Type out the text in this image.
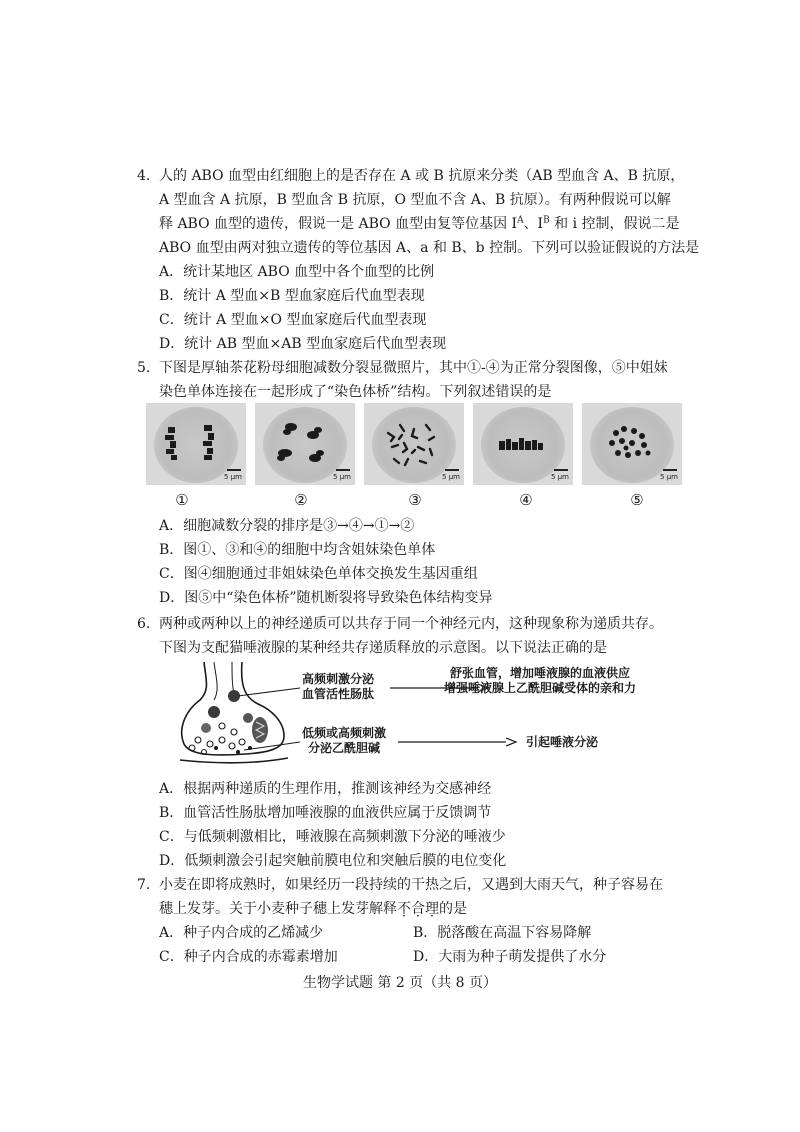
4. 人的 ABO 血型由红细胞上的是否存在 A 或 B 抗原来分类（AB 型血含 A、B 抗原，
A 型血含 A 抗原，B 型血含 B 抗原，O 型血不含 A、B 抗原）。有两种假说可以解
释 ABO 血型的遗传，假说一是 ABO 血型由复等位基因 $I^A$、$I^B$ 和 i 控制，假说二是
ABO 血型由两对独立遗传的等位基因 A、a 和 B、b 控制。下列可以验证假说的方法是
A．统计某地区 ABO 血型中各个血型的比例
B．统计 A 型血×B 型血家庭后代血型表现
C．统计 A 型血×O 型血家庭后代血型表现
D．统计 AB 型血×AB 型血家庭后代血型表现
5. 下图是厚轴茶花粉母细胞减数分裂显微照片，其中①-④为正常分裂图像，⑤中姐妹
染色单体连接在一起形成了“染色体桥”结构。下列叙述错误的是
5 μm	5 μm	5 μm	5 μm	5 μm
①	②	③	④	⑤
A．细胞减数分裂的排序是③→④→①→②
B．图①、③和④的细胞中均含姐妹染色单体
C．图④细胞通过非姐妹染色单体交换发生基因重组
D．图⑤中“染色体桥”随机断裂将导致染色体结构变异
6. 两种或两种以上的神经递质可以共存于同一个神经元内，这种现象称为递质共存。
下图为支配猫唾液腺的某种经共存递质释放的示意图。以下说法正确的是
高频刺激分泌
血管活性肠肽
舒张血管，增加唾液腺的血液供应
增强唾液腺上乙酰胆碱受体的亲和力
低频或高频刺激
分泌乙酰胆碱	引起唾液分泌
A．根据两种递质的生理作用，推测该神经为交感神经
B．血管活性肠肽增加唾液腺的血液供应属于反馈调节
C．与低频刺激相比，唾液腺在高频刺激下分泌的唾液少
D．低频刺激会引起突触前膜电位和突触后膜的电位变化
7. 小麦在即将成熟时，如果经历一段持续的干热之后，又遇到大雨天气，种子容易在
穗上发芽。关于小麦种子穗上发芽解释不合理的是
A．种子内合成的乙烯减少	B．脱落酸在高温下容易降解
C．种子内合成的赤霉素增加	D．大雨为种子萌发提供了水分
生物学试题 第 2 页（共 8 页）
